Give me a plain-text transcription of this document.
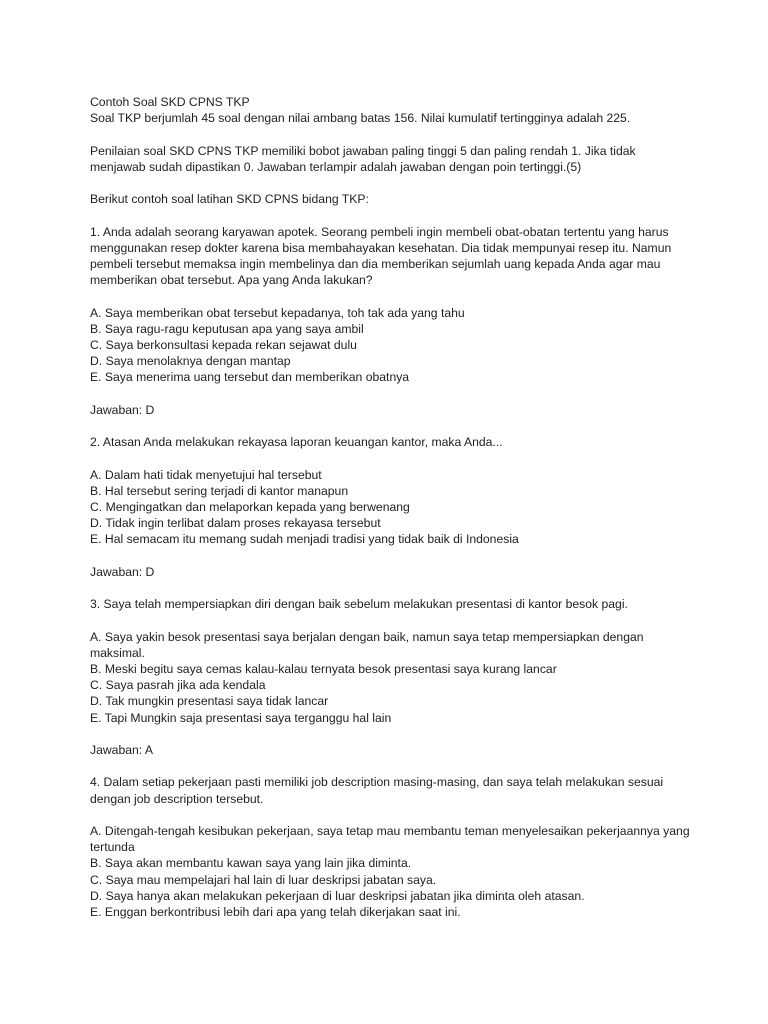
Contoh Soal SKD CPNS TKP

Soal TKP berjumlah 45 soal dengan nilai ambang batas 156. Nilai kumulatif tertingginya adalah 225.

Penilaian soal SKD CPNS TKP memiliki bobot jawaban paling tinggi 5 dan paling rendah 1. Jika tidak

menjawab sudah dipastikan 0. Jawaban terlampir adalah jawaban dengan poin tertinggi.(5)

Berikut contoh soal latihan SKD CPNS bidang TKP:

1. Anda adalah seorang karyawan apotek. Seorang pembeli ingin membeli obat-obatan tertentu yang harus

menggunakan resep dokter karena bisa membahayakan kesehatan. Dia tidak mempunyai resep itu. Namun

pembeli tersebut memaksa ingin membelinya dan dia memberikan sejumlah uang kepada Anda agar mau

memberikan obat tersebut. Apa yang Anda lakukan?

A. Saya memberikan obat tersebut kepadanya, toh tak ada yang tahu

B. Saya ragu-ragu keputusan apa yang saya ambil

C. Saya berkonsultasi kepada rekan sejawat dulu

D. Saya menolaknya dengan mantap

E. Saya menerima uang tersebut dan memberikan obatnya

Jawaban: D

2. Atasan Anda melakukan rekayasa laporan keuangan kantor, maka Anda...

A. Dalam hati tidak menyetujui hal tersebut

B. Hal tersebut sering terjadi di kantor manapun

C. Mengingatkan dan melaporkan kepada yang berwenang

D. Tidak ingin terlibat dalam proses rekayasa tersebut

E. Hal semacam itu memang sudah menjadi tradisi yang tidak baik di Indonesia

Jawaban: D

3. Saya telah mempersiapkan diri dengan baik sebelum melakukan presentasi di kantor besok pagi.

A. Saya yakin besok presentasi saya berjalan dengan baik, namun saya tetap mempersiapkan dengan

maksimal.

B. Meski begitu saya cemas kalau-kalau ternyata besok presentasi saya kurang lancar

C. Saya pasrah jika ada kendala

D. Tak mungkin presentasi saya tidak lancar

E. Tapi Mungkin saja presentasi saya terganggu hal lain

Jawaban: A

4. Dalam setiap pekerjaan pasti memiliki job description masing-masing, dan saya telah melakukan sesuai

dengan job description tersebut.

A. Ditengah-tengah kesibukan pekerjaan, saya tetap mau membantu teman menyelesaikan pekerjaannya yang

tertunda

B. Saya akan membantu kawan saya yang lain jika diminta.

C. Saya mau mempelajari hal lain di luar deskripsi jabatan saya.

D. Saya hanya akan melakukan pekerjaan di luar deskripsi jabatan jika diminta oleh atasan.

E. Enggan berkontribusi lebih dari apa yang telah dikerjakan saat ini.
